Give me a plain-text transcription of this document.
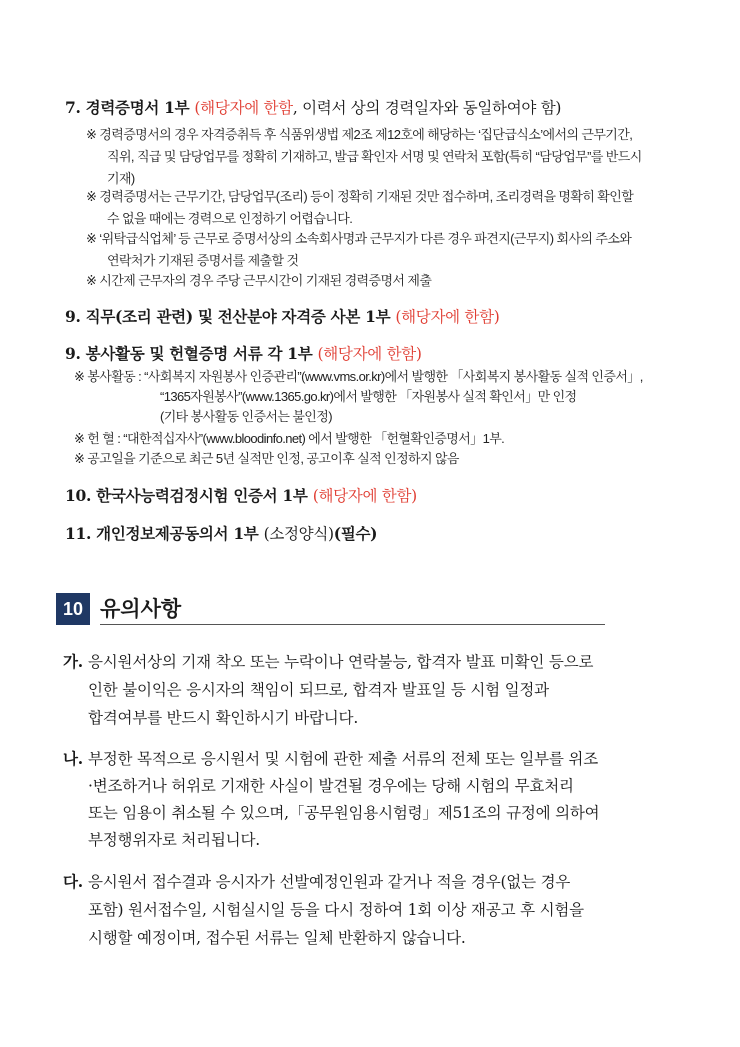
7. 경력증명서 1부 (해당자에 한함, 이력서 상의 경력일자와 동일하여야 함)
※ 경력증명서의 경우 자격증취득 후 식품위생법 제2조 제12호에 해당하는 ‘집단급식소’에서의 근무기간,
직위, 직급 및 담당업무를 정확히 기재하고, 발급 확인자 서명 및 연락처 포함(특히 “담당업무”를 반드시
기재)
※ 경력증명서는 근무기간, 담당업무(조리) 등이 정확히 기재된 것만 접수하며, 조리경력을 명확히 확인할
수 없을 때에는 경력으로 인정하기 어렵습니다.
※ ‘위탁급식업체’ 등 근무로 증명서상의 소속회사명과 근무지가 다른 경우 파견지(근무지) 회사의 주소와
연락처가 기재된 증명서를 제출할 것
※ 시간제 근무자의 경우 주당 근무시간이 기재된 경력증명서 제출
9. 직무(조리 관련) 및 전산분야 자격증 사본 1부 (해당자에 한함)
9. 봉사활동 및 헌혈증명 서류 각 1부 (해당자에 한함)
※ 봉사활동 : “사회복지 자원봉사 인증관리”(www.vms.or.kr)에서 발행한 「사회복지 봉사활동 실적 인증서」,
“1365자원봉사”(www.1365.go.kr)에서 발행한 「자원봉사 실적 확인서」만 인정
(기타 봉사활동 인증서는 불인정)
※ 헌 혈 : “대한적십자사”(www.bloodinfo.net) 에서 발행한 「헌혈확인증명서」1부.
※ 공고일을 기준으로 최근 5년 실적만 인정, 공고이후 실적 인정하지 않음
10. 한국사능력검정시험 인증서 1부 (해당자에 한함)
11. 개인정보제공동의서 1부 (소정양식)(필수)
10 유의사항
가. 응시원서상의 기재 착오 또는 누락이나 연락불능, 합격자 발표 미확인 등으로
인한 불이익은 응시자의 책임이 되므로, 합격자 발표일 등 시험 일정과
합격여부를 반드시 확인하시기 바랍니다.
나. 부정한 목적으로 응시원서 및 시험에 관한 제출 서류의 전체 또는 일부를 위조
·변조하거나 허위로 기재한 사실이 발견될 경우에는 당해 시험의 무효처리
또는 임용이 취소될 수 있으며,「공무원임용시험령」제51조의 규정에 의하여
부정행위자로 처리됩니다.
다. 응시원서 접수결과 응시자가 선발예정인원과 같거나 적을 경우(없는 경우
포함) 원서접수일, 시험실시일 등을 다시 정하여 1회 이상 재공고 후 시험을
시행할 예정이며, 접수된 서류는 일체 반환하지 않습니다.
